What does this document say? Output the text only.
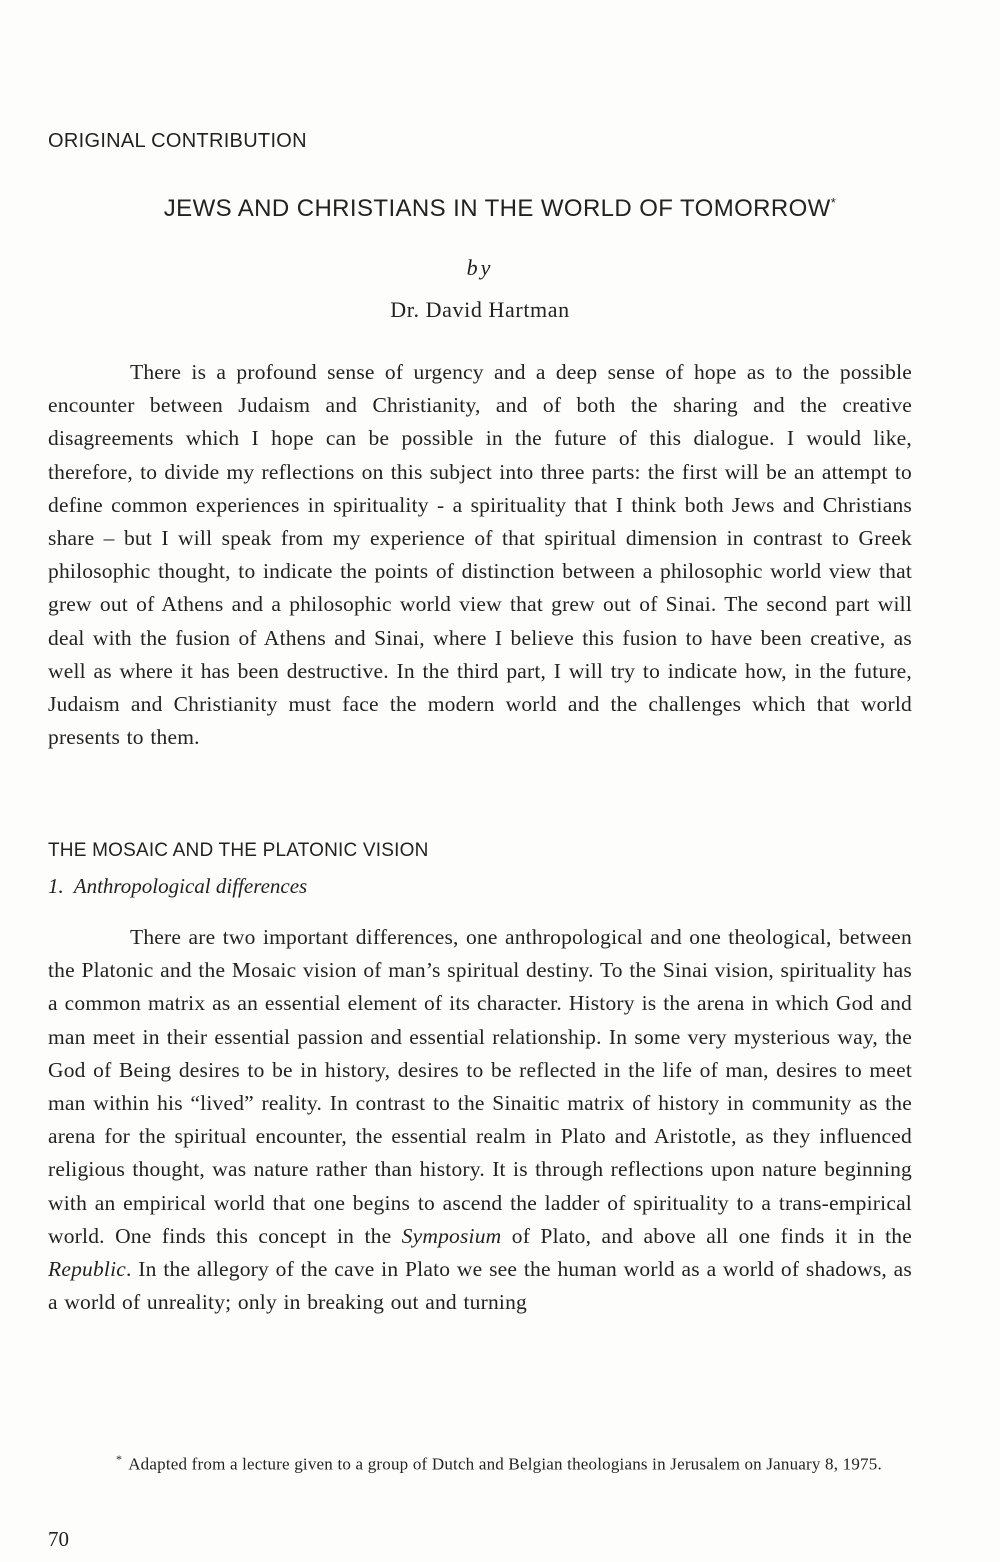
ORIGINAL CONTRIBUTION
JEWS AND CHRISTIANS IN THE WORLD OF TOMORROW*
by
Dr. David Hartman
There is a profound sense of urgency and a deep sense of hope as to the possible encounter between Judaism and Christianity, and of both the sharing and the creative disagreements which I hope can be possible in the future of this dialogue. I would like, therefore, to divide my reflections on this subject into three parts: the first will be an attempt to define common experiences in spirituality - a spirituality that I think both Jews and Christians share – but I will speak from my experience of that spiritual dimension in contrast to Greek philosophic thought, to indicate the points of distinction between a philosophic world view that grew out of Athens and a philosophic world view that grew out of Sinai. The second part will deal with the fusion of Athens and Sinai, where I believe this fusion to have been creative, as well as where it has been destructive. In the third part, I will try to indicate how, in the future, Judaism and Christianity must face the modern world and the challenges which that world presents to them.
THE MOSAIC AND THE PLATONIC VISION
1. Anthropological differences
There are two important differences, one anthropological and one theological, between the Platonic and the Mosaic vision of man’s spiritual destiny. To the Sinai vision, spirituality has a common matrix as an essential element of its character. History is the arena in which God and man meet in their essential passion and essential relationship. In some very mysterious way, the God of Being desires to be in history, desires to be reflected in the life of man, desires to meet man within his “lived” reality. In contrast to the Sinaitic matrix of history in community as the arena for the spiritual encounter, the essential realm in Plato and Aristotle, as they influenced religious thought, was nature rather than history. It is through reflections upon nature beginning with an empirical world that one begins to ascend the ladder of spirituality to a trans-empirical world. One finds this concept in the Symposium of Plato, and above all one finds it in the Republic. In the allegory of the cave in Plato we see the human world as a world of shadows, as a world of unreality; only in breaking out and turning
* Adapted from a lecture given to a group of Dutch and Belgian theologians in Jerusalem on January 8, 1975.
70
